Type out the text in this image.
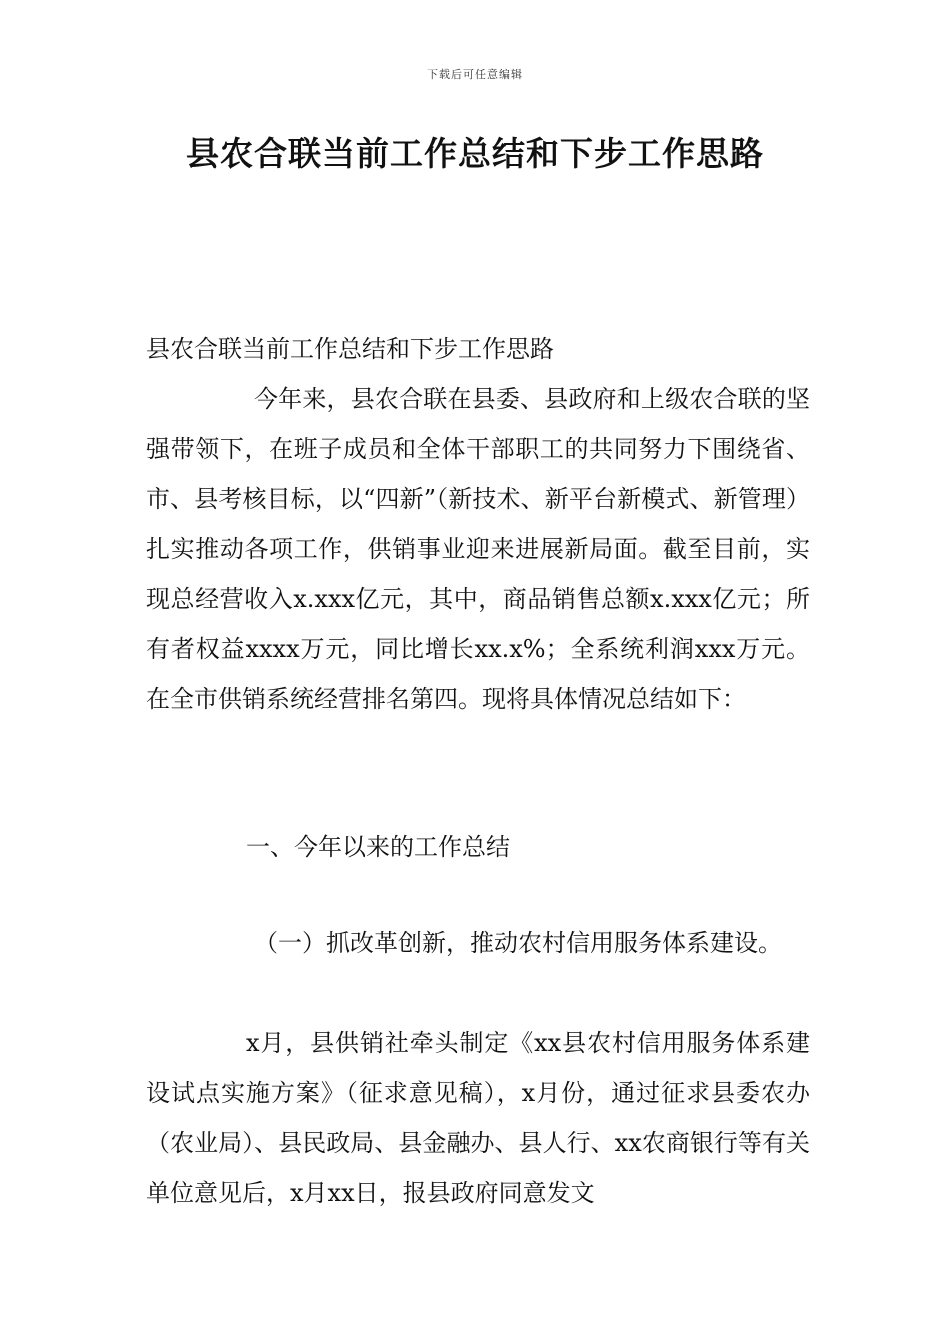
下载后可任意编辑
县农合联当前工作总结和下步工作思路

县农合联当前工作总结和下步工作思路

今年来，县农合联在县委、县政府和上级农合联的坚强带领下，在班子成员和全体干部职工的共同努力下围绕省、市、县考核目标，以“四新”（新技术、新平台新模式、新管理）扎实推动各项工作，供销事业迎来进展新局面。截至目前，实现总经营收入x.xxx亿元，其中，商品销售总额x.xxx亿元；所有者权益xxxx万元，同比增长xx.x%；全系统利润xxx万元。在全市供销系统经营排名第四。现将具体情况总结如下：

一、今年以来的工作总结

（一）抓改革创新，推动农村信用服务体系建设。

x月，县供销社牵头制定《xx县农村信用服务体系建设试点实施方案》（征求意见稿），x月份，通过征求县委农办（农业局）、县民政局、县金融办、县人行、xx农商银行等有关单位意见后，x月xx日，报县政府同意发文
